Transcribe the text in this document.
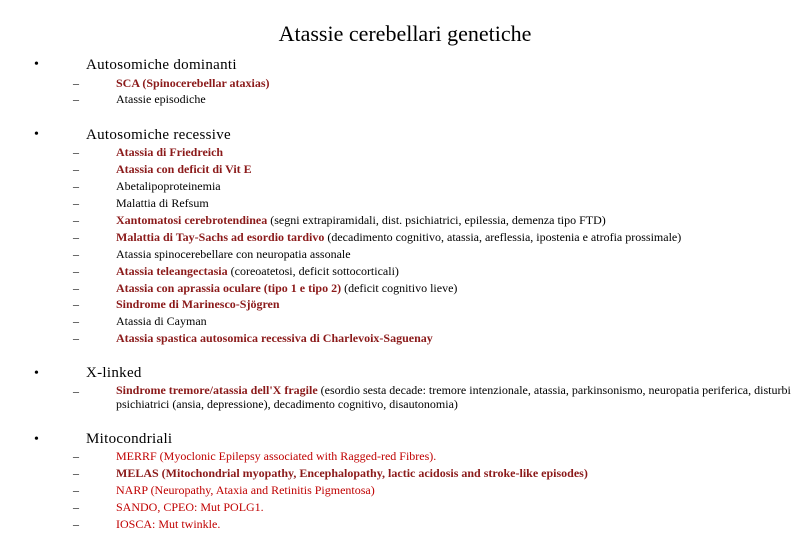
Atassie cerebellari genetiche
•	Autosomiche dominanti
–	SCA (Spinocerebellar ataxias)
–	Atassie episodiche
•	Autosomiche recessive
–	Atassia di Friedreich
–	Atassia con deficit di Vit E
–	Abetalipoproteinemia
–	Malattia di Refsum
–	Xantomatosi cerebrotendinea (segni extrapiramidali, dist. psichiatrici, epilessia, demenza tipo FTD)
–	Malattia di Tay-Sachs ad esordio tardivo (decadimento cognitivo, atassia, areflessia, ipostenia e atrofia prossimale)
–	Atassia spinocerebellare con neuropatia assonale
–	Atassia teleangectasia (coreoatetosi, deficit sottocorticali)
–	Atassia con aprassia oculare (tipo 1 e tipo 2) (deficit cognitivo lieve)
–	Sindrome di Marinesco-Sjögren
–	Atassia di Cayman
–	Atassia spastica autosomica recessiva di Charlevoix-Saguenay
•	X-linked
–	Sindrome tremore/atassia dell'X fragile (esordio sesta decade: tremore intenzionale, atassia, parkinsonismo, neuropatia periferica, disturbi psichiatrici (ansia, depressione), decadimento cognitivo, disautonomia)
•	Mitocondriali
–	MERRF (Myoclonic Epilepsy associated with Ragged-red Fibres).
–	MELAS (Mitochondrial myopathy, Encephalopathy, lactic acidosis and stroke-like episodes)
–	NARP (Neuropathy, Ataxia and Retinitis Pigmentosa)
–	SANDO, CPEO: Mut POLG1.
–	IOSCA: Mut twinkle.
